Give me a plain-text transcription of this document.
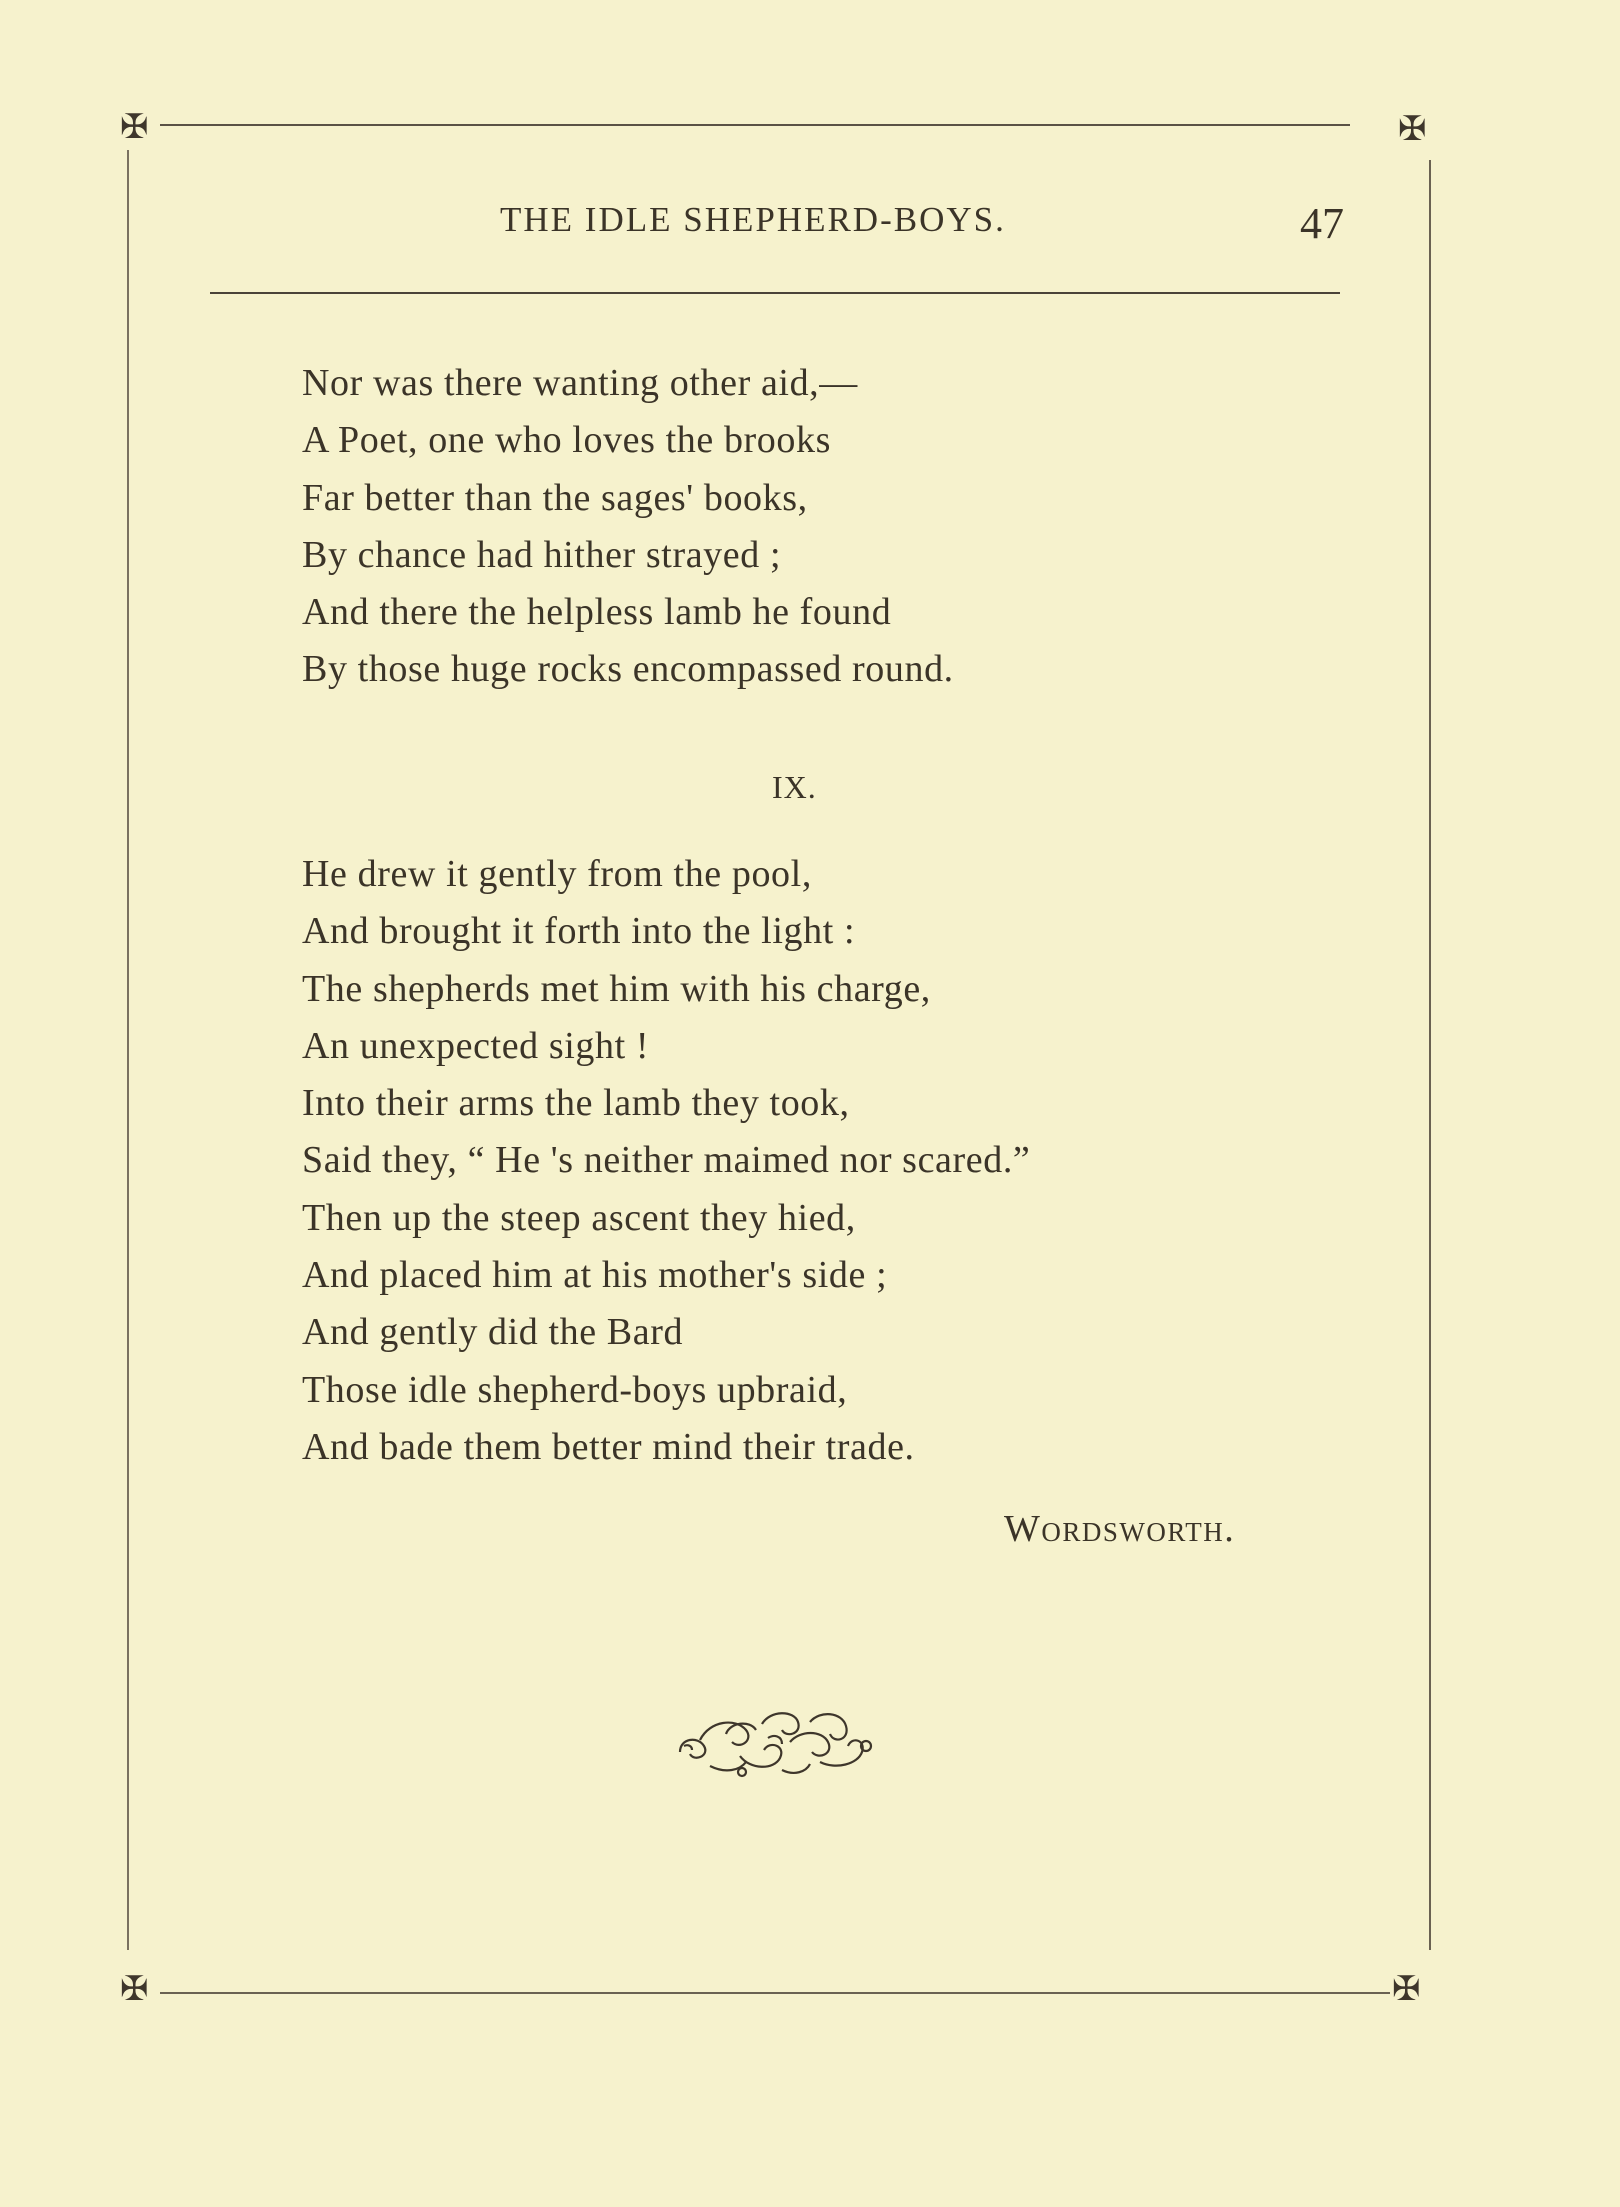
✠	✠
✠	✠
THE IDLE SHEPHERD-BOYS.	47
Nor was there wanting other aid,—
A Poet, one who loves the brooks
Far better than the sages' books,
By chance had hither strayed ;
And there the helpless lamb he found
By those huge rocks encompassed round.
IX.
He drew it gently from the pool,
And brought it forth into the light :
The shepherds met him with his charge,
An unexpected sight !
Into their arms the lamb they took,
Said they, “ He 's neither maimed nor scared.”
Then up the steep ascent they hied,
And placed him at his mother's side ;
And gently did the Bard
Those idle shepherd-boys upbraid,
And bade them better mind their trade.
Wordsworth.
